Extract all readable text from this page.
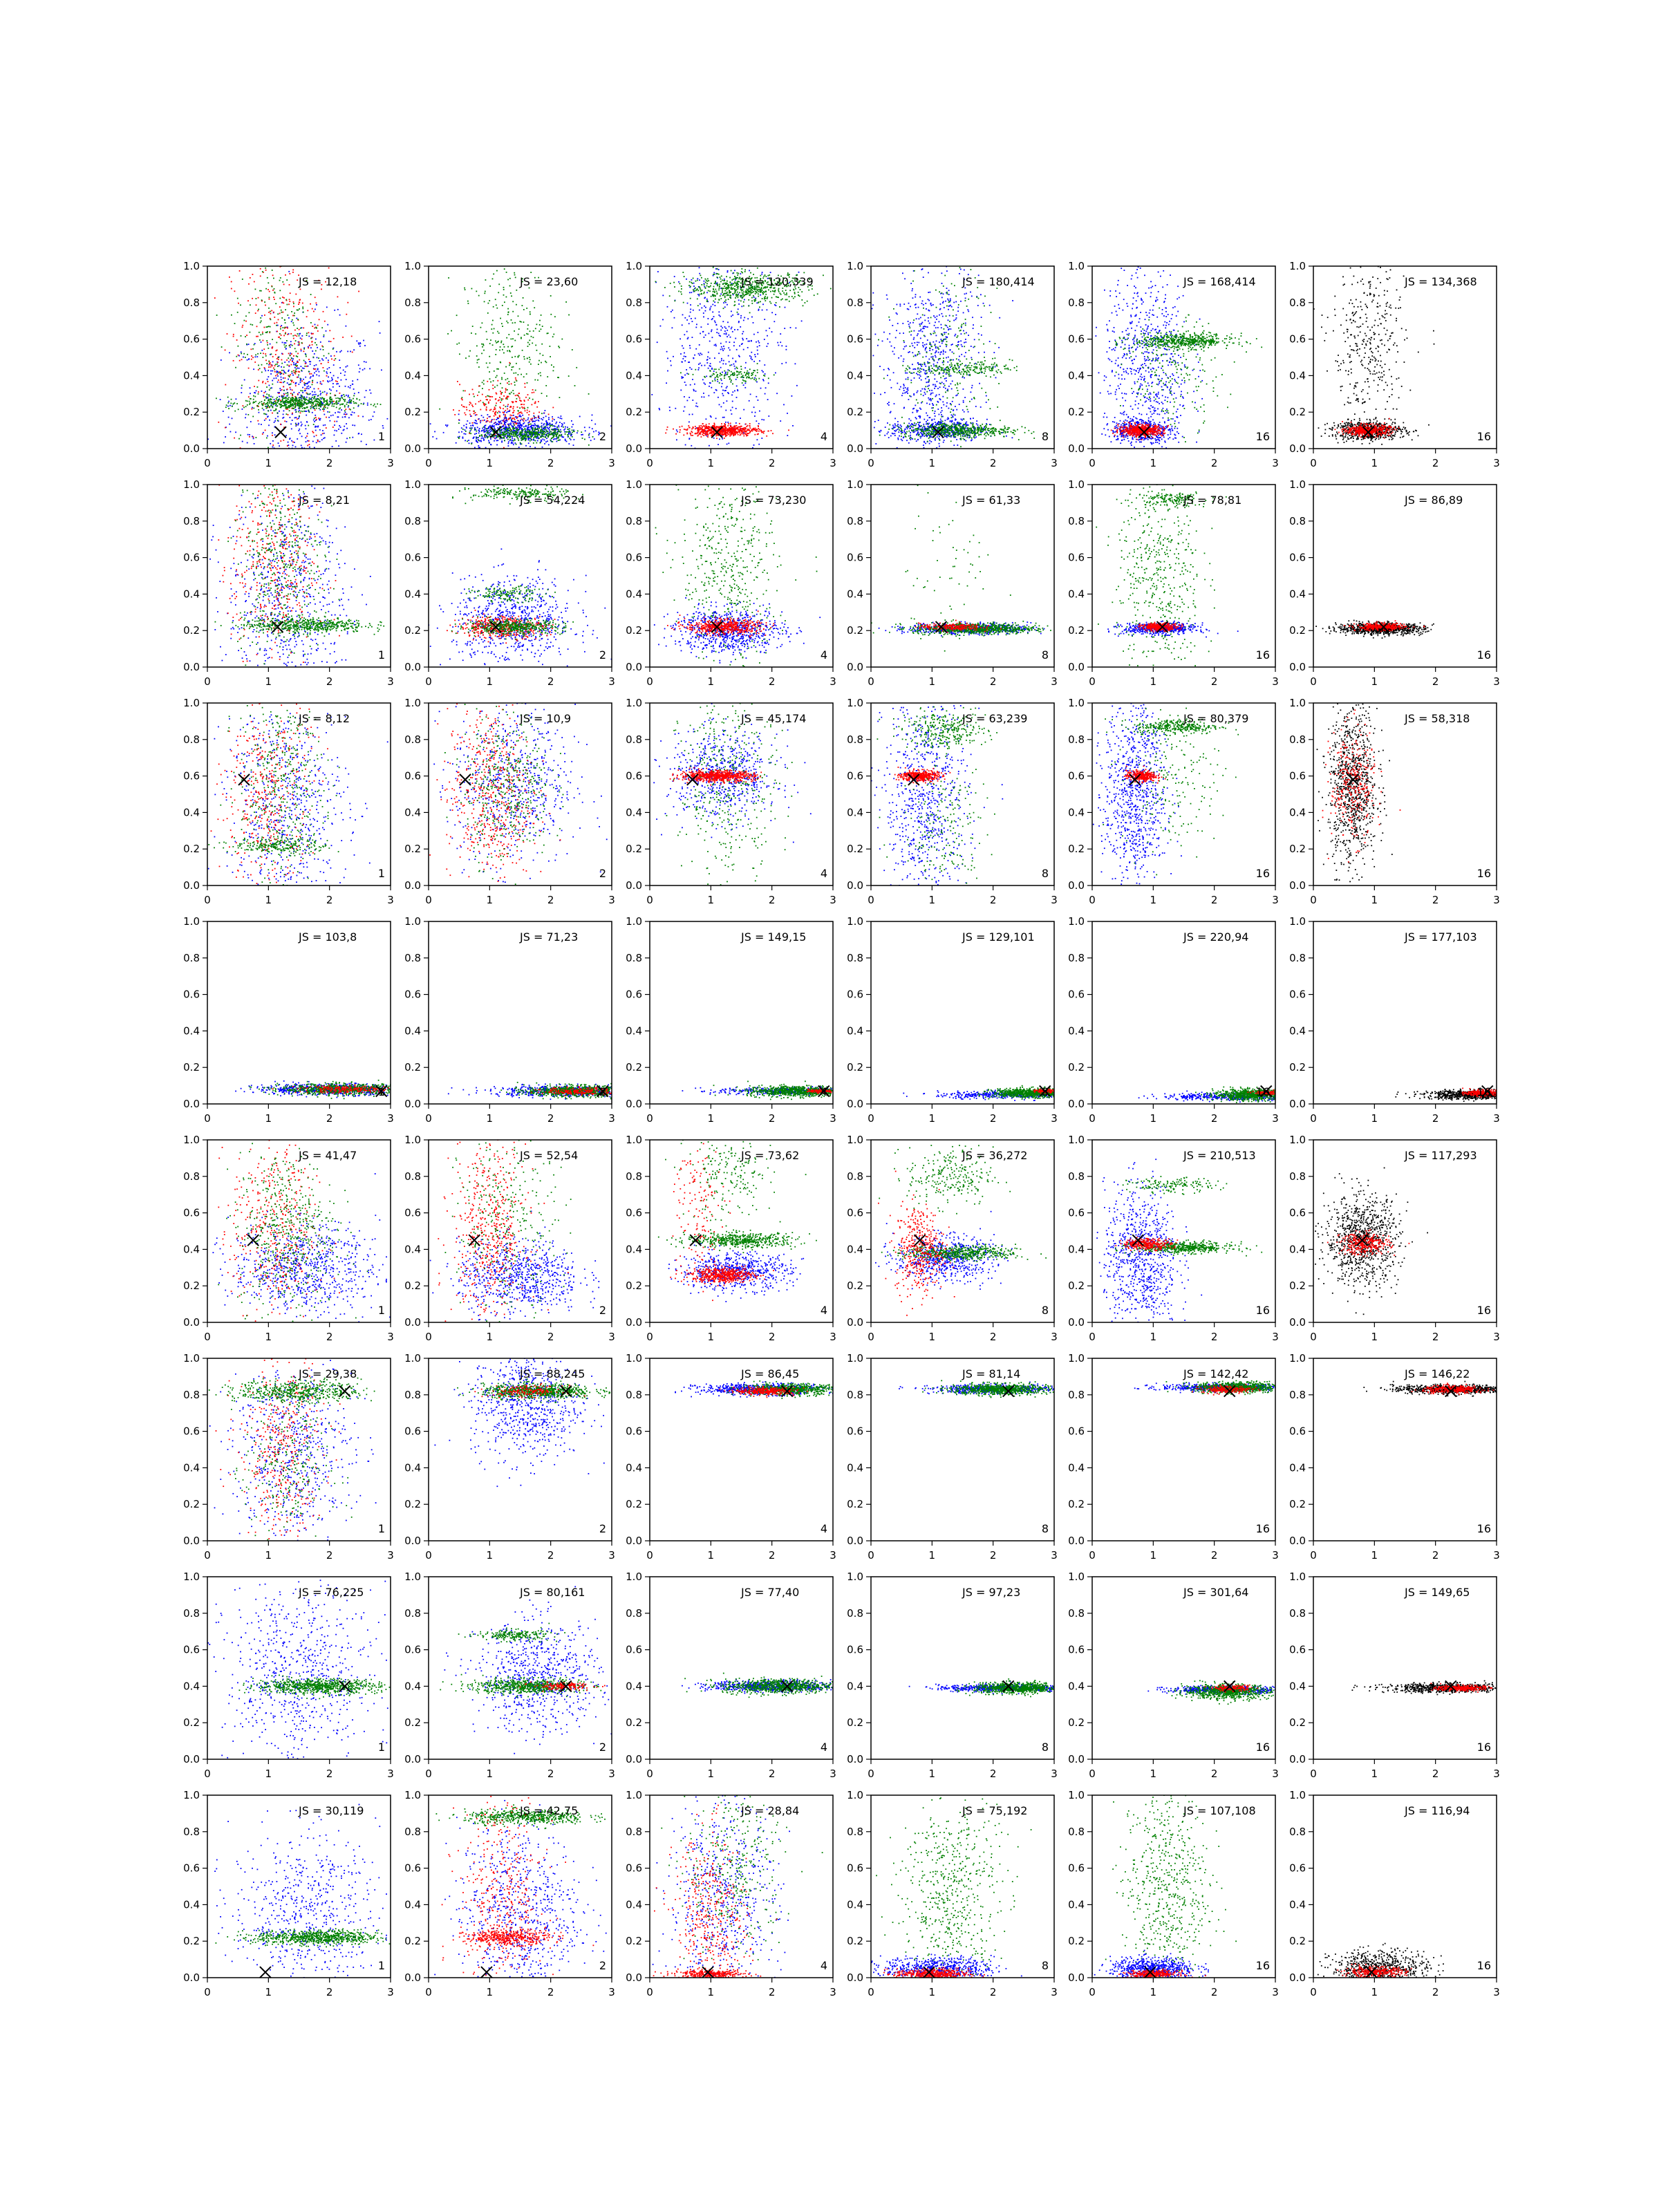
0	1	2	3
0.0
0.2
0.4
0.6
0.8
1.0
JS = 12,18
1
0	1	2	3
0.0
0.2
0.4
0.6
0.8
1.0
JS = 23,60
2
0	1	2	3
0.0
0.2
0.4
0.6
0.8
1.0
JS = 120,339
4
0	1	2	3
0.0
0.2
0.4
0.6
0.8
1.0
JS = 180,414
8
0	1	2	3
0.0
0.2
0.4
0.6
0.8
1.0
JS = 168,414
16
0	1	2	3
0.0
0.2
0.4
0.6
0.8
1.0
JS = 134,368
16
0	1	2	3
0.0
0.2
0.4
0.6
0.8
1.0
JS = 8,21
1
0	1	2	3
0.0
0.2
0.4
0.6
0.8
1.0
JS = 54,224
2
0	1	2	3
0.0
0.2
0.4
0.6
0.8
1.0
JS = 73,230
4
0	1	2	3
0.0
0.2
0.4
0.6
0.8
1.0
JS = 61,33
8
0	1	2	3
0.0
0.2
0.4
0.6
0.8
1.0
JS = 78,81
16
0	1	2	3
0.0
0.2
0.4
0.6
0.8
1.0
JS = 86,89
16
0	1	2	3
0.0
0.2
0.4
0.6
0.8
1.0
JS = 8,12
1
0	1	2	3
0.0
0.2
0.4
0.6
0.8
1.0
JS = 10,9
2
0	1	2	3
0.0
0.2
0.4
0.6
0.8
1.0
JS = 45,174
4
0	1	2	3
0.0
0.2
0.4
0.6
0.8
1.0
JS = 63,239
8
0	1	2	3
0.0
0.2
0.4
0.6
0.8
1.0
JS = 80,379
16
0	1	2	3
0.0
0.2
0.4
0.6
0.8
1.0
JS = 58,318
16
0	1	2	3
0.0
0.2
0.4
0.6
0.8
1.0
JS = 103,8
1
0	1	2	3
0.0
0.2
0.4
0.6
0.8
1.0
JS = 71,23
2
0	1	2	3
0.0
0.2
0.4
0.6
0.8
1.0
JS = 149,15
4
0	1	2	3
0.0
0.2
0.4
0.6
0.8
1.0
JS = 129,101
8
0	1	2	3
0.0
0.2
0.4
0.6
0.8
1.0
JS = 220,94
16
0	1	2	3
0.0
0.2
0.4
0.6
0.8
1.0
JS = 177,103
16
0	1	2	3
0.0
0.2
0.4
0.6
0.8
1.0
JS = 41,47
1
0	1	2	3
0.0
0.2
0.4
0.6
0.8
1.0
JS = 52,54
2
0	1	2	3
0.0
0.2
0.4
0.6
0.8
1.0
JS = 73,62
4
0	1	2	3
0.0
0.2
0.4
0.6
0.8
1.0
JS = 36,272
8
0	1	2	3
0.0
0.2
0.4
0.6
0.8
1.0
JS = 210,513
16
0	1	2	3
0.0
0.2
0.4
0.6
0.8
1.0
JS = 117,293
16
0	1	2	3
0.0
0.2
0.4
0.6
0.8
1.0
JS = 29,38
1
0	1	2	3
0.0
0.2
0.4
0.6
0.8
1.0
JS = 88,245
2
0	1	2	3
0.0
0.2
0.4
0.6
0.8
1.0
JS = 86,45
4
0	1	2	3
0.0
0.2
0.4
0.6
0.8
1.0
JS = 81,14
8
0	1	2	3
0.0
0.2
0.4
0.6
0.8
1.0
JS = 142,42
16
0	1	2	3
0.0
0.2
0.4
0.6
0.8
1.0
JS = 146,22
16
0	1	2	3
0.0
0.2
0.4
0.6
0.8
1.0
JS = 76,225
1
0	1	2	3
0.0
0.2
0.4
0.6
0.8
1.0
JS = 80,161
2
0	1	2	3
0.0
0.2
0.4
0.6
0.8
1.0
JS = 77,40
4
0	1	2	3
0.0
0.2
0.4
0.6
0.8
1.0
JS = 97,23
8
0	1	2	3
0.0
0.2
0.4
0.6
0.8
1.0
JS = 301,64
16
0	1	2	3
0.0
0.2
0.4
0.6
0.8
1.0
JS = 149,65
16
0	1	2	3
0.0
0.2
0.4
0.6
0.8
1.0
JS = 30,119
1
0	1	2	3
0.0
0.2
0.4
0.6
0.8
1.0
JS = 42,75
2
0	1	2	3
0.0
0.2
0.4
0.6
0.8
1.0
JS = 28,84
4
0	1	2	3
0.0
0.2
0.4
0.6
0.8
1.0
JS = 75,192
8
0	1	2	3
0.0
0.2
0.4
0.6
0.8
1.0
JS = 107,108
16
0	1	2	3
0.0
0.2
0.4
0.6
0.8
1.0
JS = 116,94
16
